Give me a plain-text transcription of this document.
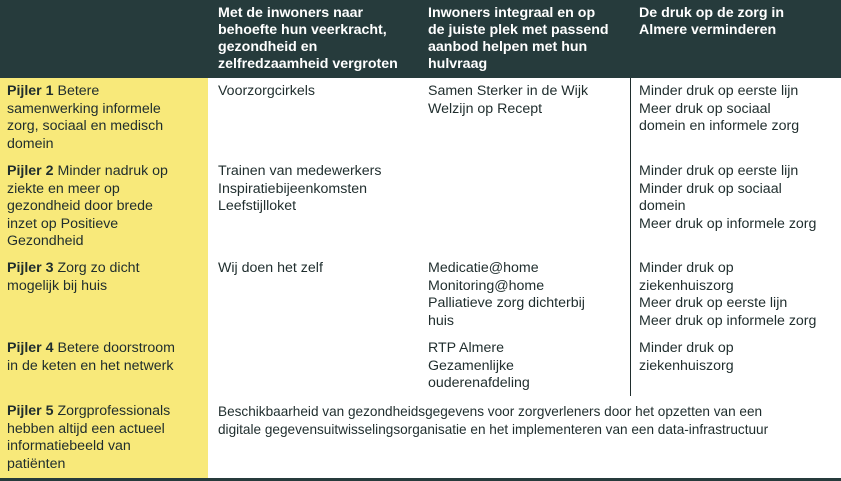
Met de inwoners naar
behoefte hun veerkracht,
gezondheid en
zelfredzaamheid vergroten
Inwoners integraal en op
de juiste plek met passend
aanbod helpen met hun
hulvraag
De druk op de zorg in
Almere verminderen
Pijler 1 Betere
samenwerking informele
zorg, sociaal en medisch
domein
Voorzorgcirkels	Samen Sterker in de Wijk
Welzijn op Recept
Minder druk op eerste lijn
Meer druk op sociaal
domein en informele zorg
Pijler 2 Minder nadruk op
ziekte en meer op
gezondheid door brede
inzet op Positieve
Gezondheid
Trainen van medewerkers
Inspiratiebijeenkomsten
Leefstijlloket
Minder druk op eerste lijn
Minder druk op sociaal
domein
Meer druk op informele zorg
Pijler 3 Zorg zo dicht
mogelijk bij huis
Wij doen het zelf	Medicatie@home
Monitoring@home
Palliatieve zorg dichterbij
huis
Minder druk op
ziekenhuiszorg
Meer druk op eerste lijn
Meer druk op informele zorg
Pijler 4 Betere doorstroom
in de keten en het netwerk
RTP Almere
Gezamenlijke
ouderenafdeling
Minder druk op
ziekenhuiszorg
Pijler 5 Zorgprofessionals
hebben altijd een actueel
informatiebeeld van
patiënten
Beschikbaarheid van gezondheidsgegevens voor zorgverleners door het opzetten van een
digitale gegevensuitwisselingsorganisatie en het implementeren van een data-infrastructuur
